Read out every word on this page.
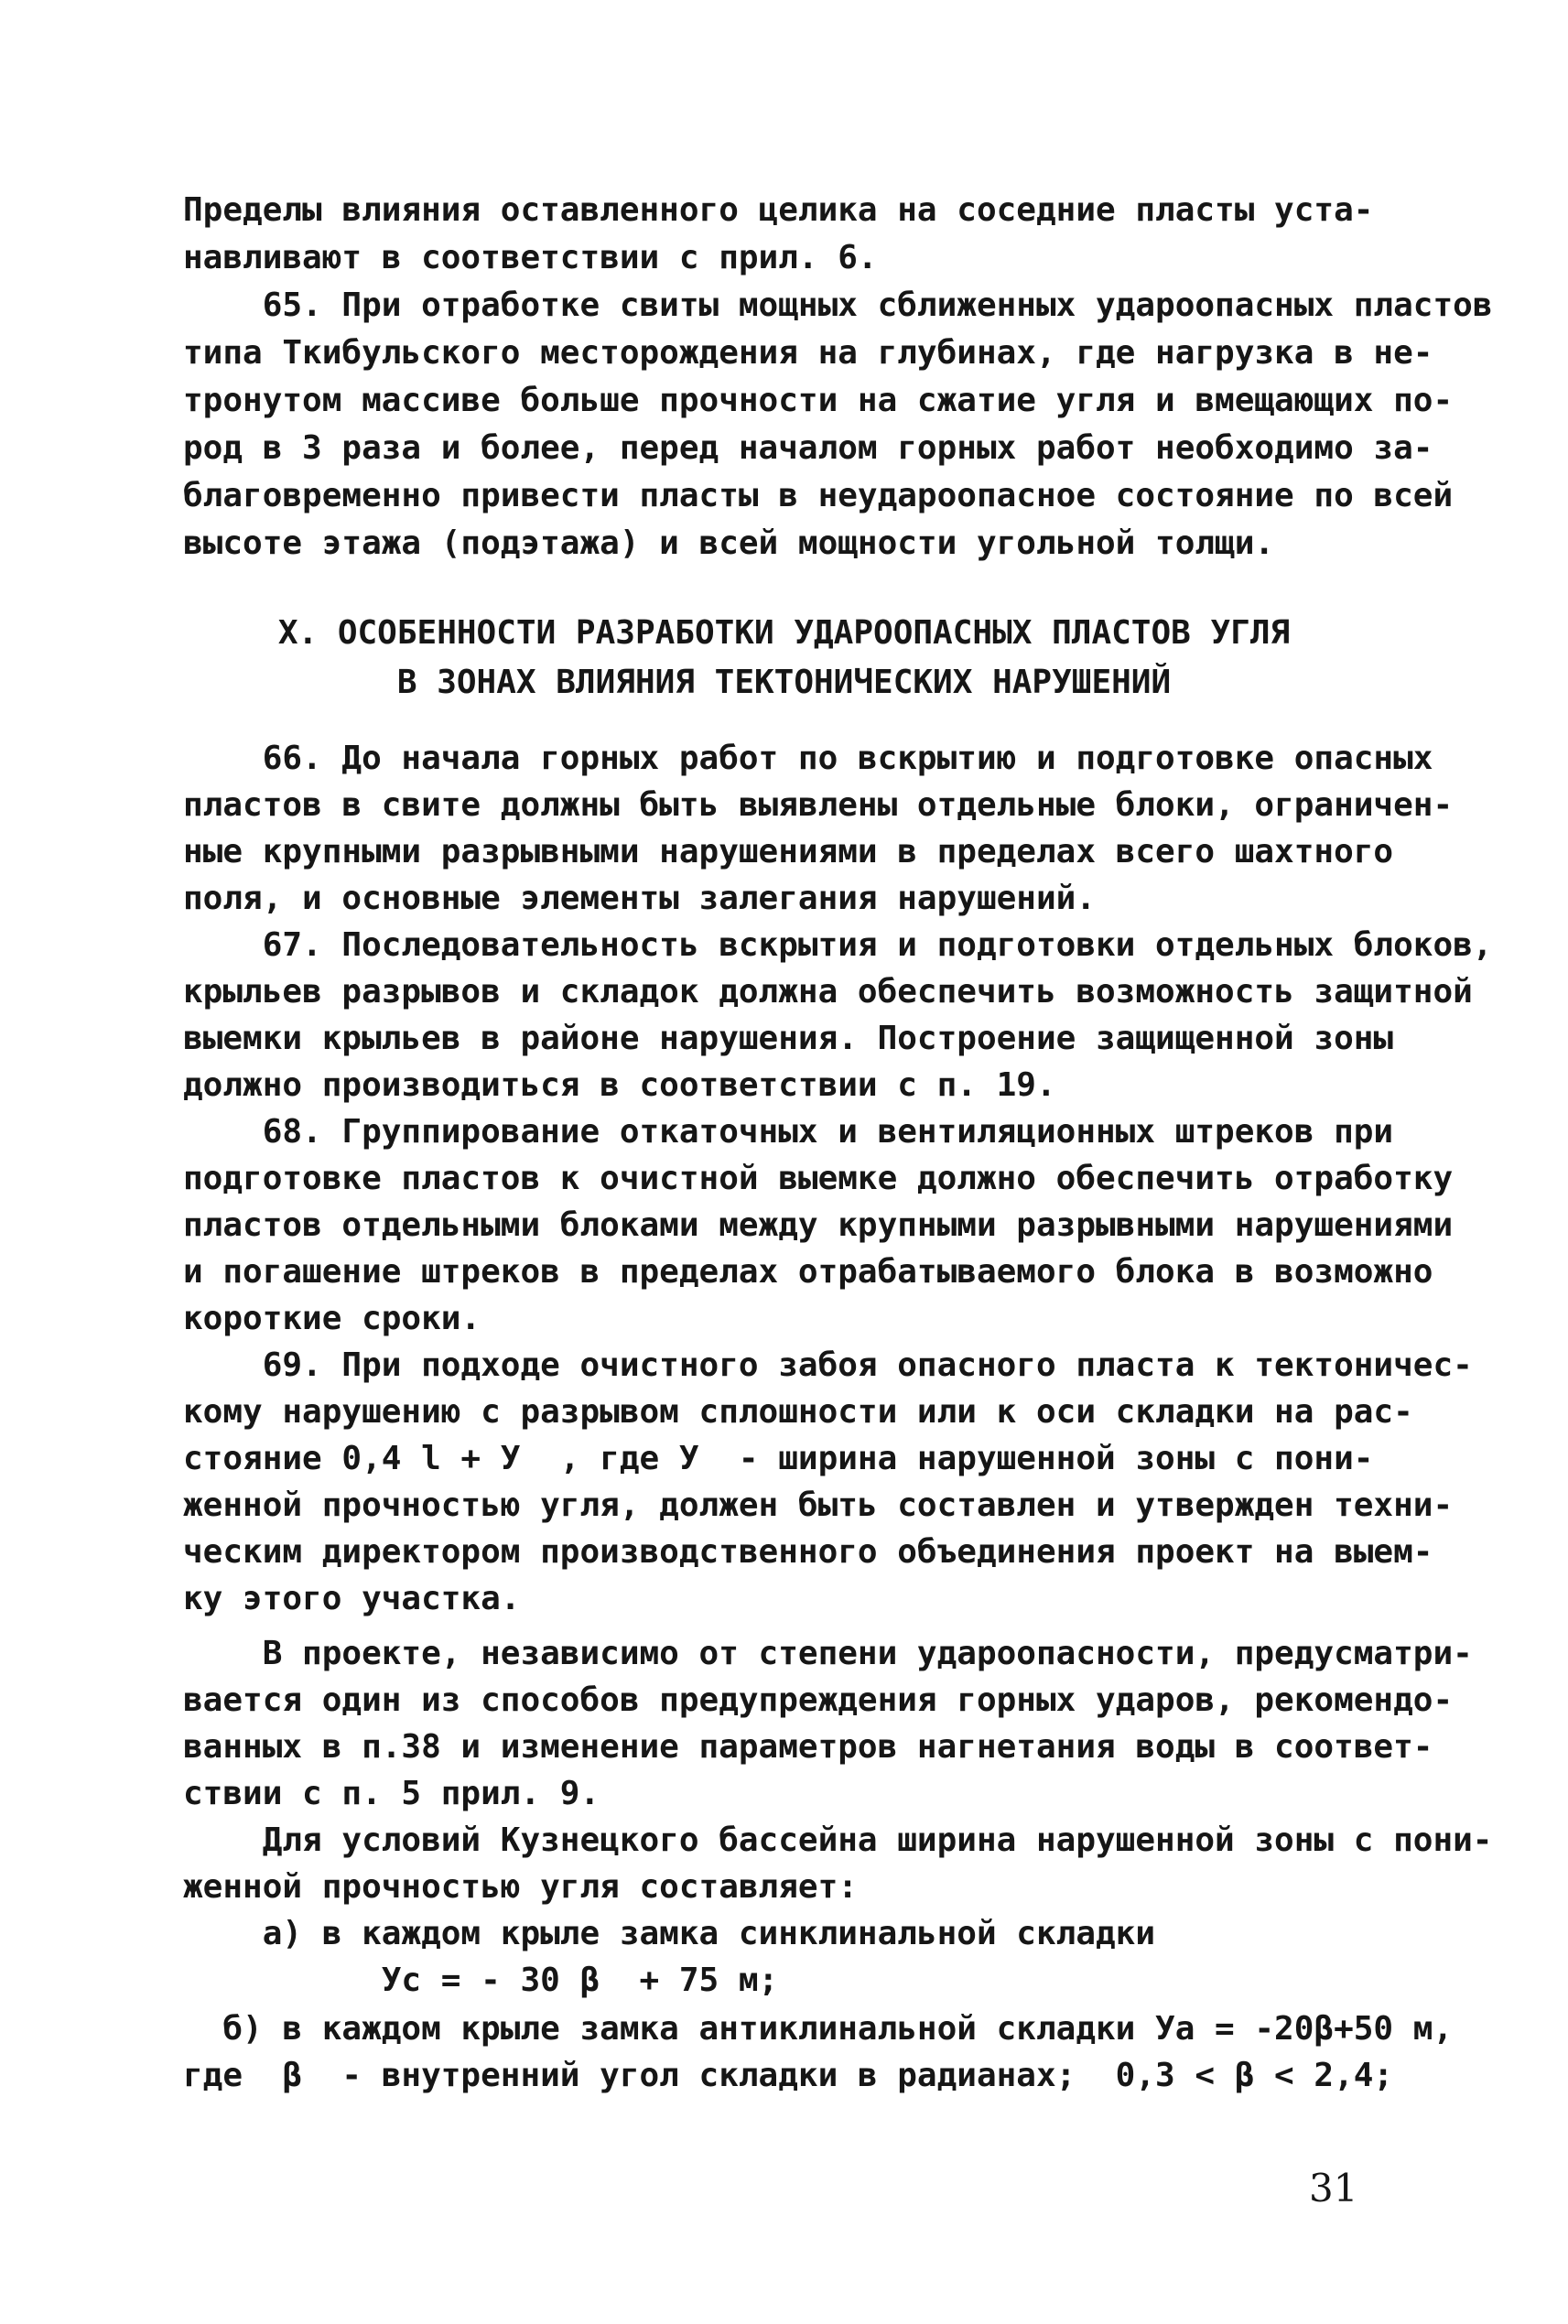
Пределы влияния оставленного целика на соседние пласты уста-
навливают в соответствии с прил. 6.
65. При отработке свиты мощных сближенных удароопасных пластов
типа Ткибульского месторождения на глубинах, где нагрузка в не-
тронутом массиве больше прочности на сжатие угля и вмещающих по-
род в 3 раза и более, перед началом горных работ необходимо за-
благовременно привести пласты в неудароопасное состояние по всей
высоте этажа (подэтажа) и всей мощности угольной толщи.
X. ОСОБЕННОСТИ РАЗРАБОТКИ УДАРООПАСНЫХ ПЛАСТОВ УГЛЯ
В ЗОНАХ ВЛИЯНИЯ ТЕКТОНИЧЕСКИХ НАРУШЕНИЙ
66. До начала горных работ по вскрытию и подготовке опасных
пластов в свите должны быть выявлены отдельные блоки, ограничен-
ные крупными разрывными нарушениями в пределах всего шахтного
поля, и основные элементы залегания нарушений.
67. Последовательность вскрытия и подготовки отдельных блоков,
крыльев разрывов и складок должна обеспечить возможность защитной
выемки крыльев в районе нарушения. Построение защищенной зоны
должно производиться в соответствии с п. 19.
68. Группирование откаточных и вентиляционных штреков при
подготовке пластов к очистной выемке должно обеспечить отработку
пластов отдельными блоками между крупными разрывными нарушениями
и погашение штреков в пределах отрабатываемого блока в возможно
короткие сроки.
69. При подходе очистного забоя опасного пласта к тектоничес-
кому нарушению с разрывом сплошности или к оси складки на рас-
стояние 0,4 l + У  , где У  - ширина нарушенной зоны с пони-
женной прочностью угля, должен быть составлен и утвержден техни-
ческим директором производственного объединения проект на выем-
ку этого участка.
В проекте, независимо от степени удароопасности, предусматри-
вается один из способов предупреждения горных ударов, рекомендо-
ванных в п.38 и изменение параметров нагнетания воды в соответ-
ствии с п. 5 прил. 9.
Для условий Кузнецкого бассейна ширина нарушенной зоны с пони-
женной прочностью угля составляет:
а) в каждом крыле замка синклинальной складки
Ус = - 30 β  + 75 м;
б) в каждом крыле замка антиклинальной складки Уа = -20β+50 м,
где  β  - внутренний угол складки в радианах;  0,3 < β < 2,4;
31
